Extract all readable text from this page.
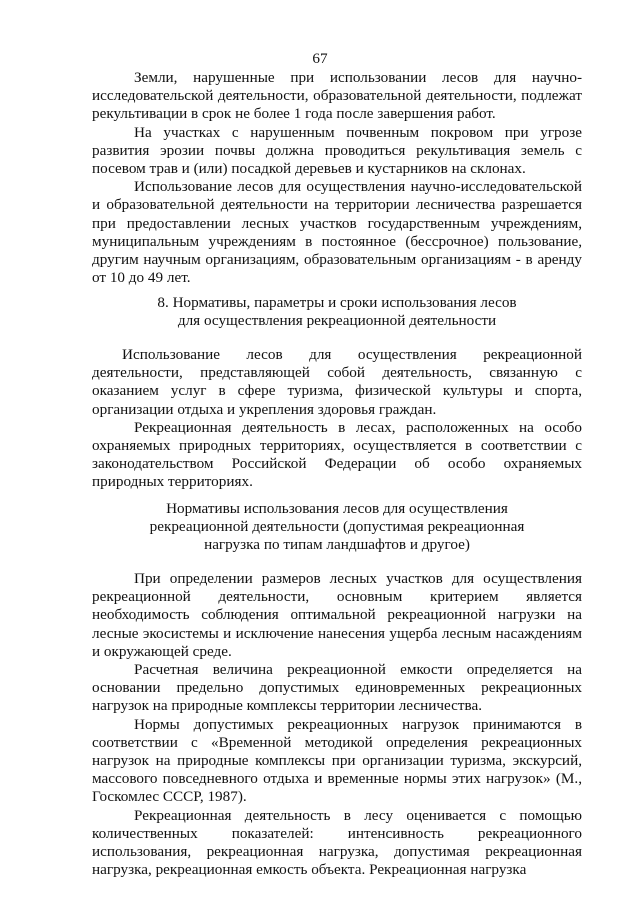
67

Земли, нарушенные при использовании лесов для научно-исследовательской деятельности, образовательной деятельности, подлежат рекультивации в срок не более 1 года после завершения работ.

На участках с нарушенным почвенным покровом при угрозе развития эрозии почвы должна проводиться рекультивация земель с посевом трав и (или) посадкой деревьев и кустарников на склонах.

Использование лесов для осуществления научно-исследовательской и образовательной деятельности на территории лесничества разрешается при предоставлении лесных участков государственным учреждениям, муниципальным учреждениям в постоянное (бессрочное) пользование, другим научным организациям, образовательным организациям - в аренду от 10 до 49 лет.

8. Нормативы, параметры и сроки использования лесов
для осуществления рекреационной деятельности

Использование лесов для осуществления рекреационной деятельности, представляющей собой деятельность, связанную с оказанием услуг в сфере туризма, физической культуры и спорта, организации отдыха и укрепления здоровья граждан.

Рекреационная деятельность в лесах, расположенных на особо охраняемых природных территориях, осуществляется в соответствии с законодательством Российской Федерации об особо охраняемых природных территориях.

Нормативы использования лесов для осуществления
рекреационной деятельности (допустимая рекреационная
нагрузка по типам ландшафтов и другое)

При определении размеров лесных участков для осуществления рекреационной деятельности, основным критерием является необходимость соблюдения оптимальной рекреационной нагрузки на лесные экосистемы и исключение нанесения ущерба лесным насаждениям и окружающей среде.

Расчетная величина рекреационной емкости определяется на основании предельно допустимых единовременных рекреационных нагрузок на природные комплексы территории лесничества.

Нормы допустимых рекреационных нагрузок принимаются в соответствии с «Временной методикой определения рекреационных нагрузок на природные комплексы при организации туризма, экскурсий, массового повседневного отдыха и временные нормы этих нагрузок» (М., Госкомлес СССР, 1987).

Рекреационная деятельность в лесу оценивается с помощью количественных показателей: интенсивность рекреационного использования, рекреационная нагрузка, допустимая рекреационная нагрузка, рекреационная емкость объекта. Рекреационная нагрузка
